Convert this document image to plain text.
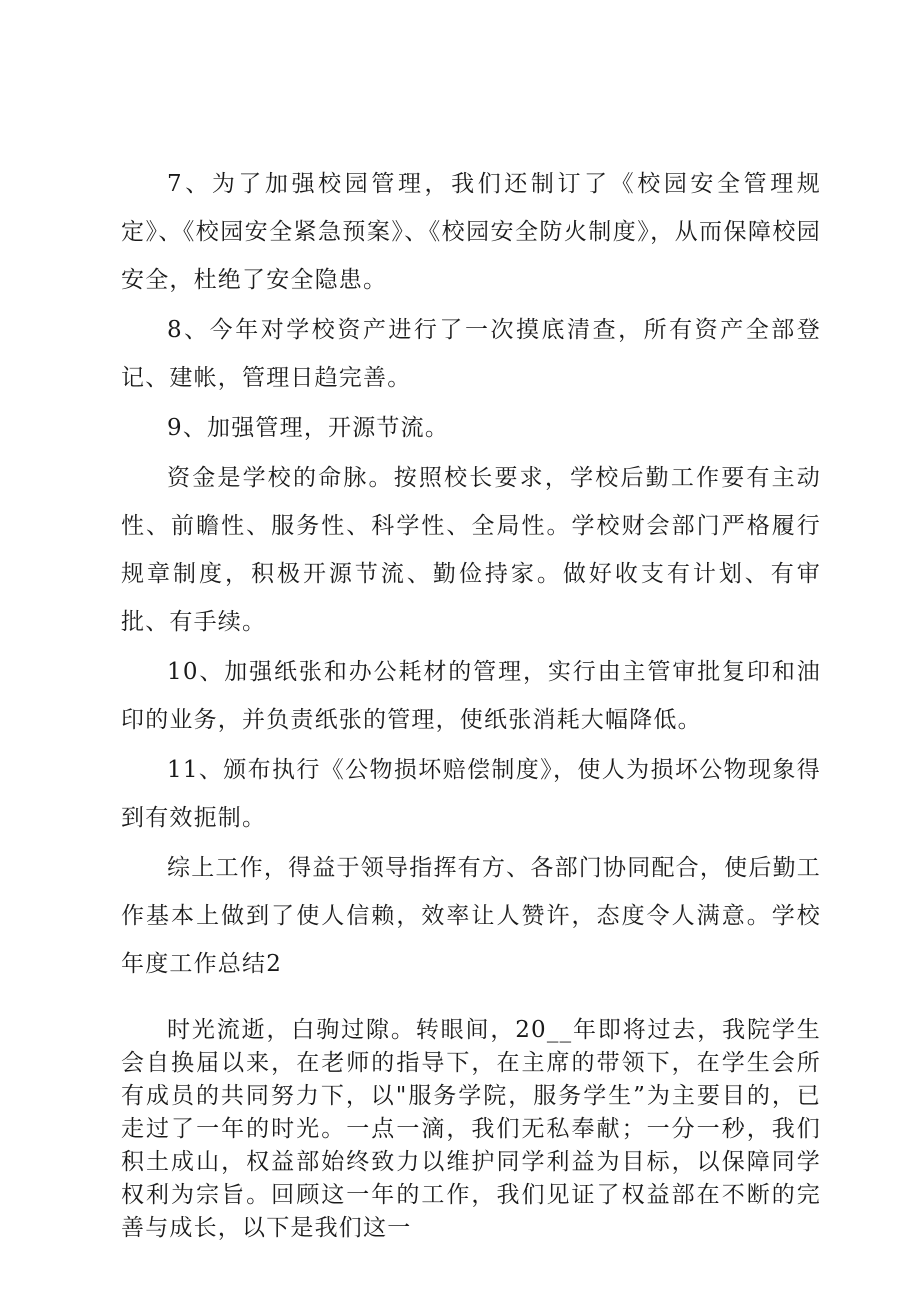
7、为了加强校园管理，我们还制订了《校园安全管理规定》、《校园安全紧急预案》、《校园安全防火制度》，从而保障校园安全，杜绝了安全隐患。

8、今年对学校资产进行了一次摸底清查，所有资产全部登记、建帐，管理日趋完善。

9、加强管理，开源节流。

资金是学校的命脉。按照校长要求，学校后勤工作要有主动性、前瞻性、服务性、科学性、全局性。学校财会部门严格履行规章制度，积极开源节流、勤俭持家。做好收支有计划、有审批、有手续。

10、加强纸张和办公耗材的管理，实行由主管审批复印和油印的业务，并负责纸张的管理，使纸张消耗大幅降低。

11、颁布执行《公物损坏赔偿制度》，使人为损坏公物现象得到有效扼制。

综上工作，得益于领导指挥有方、各部门协同配合，使后勤工作基本上做到了使人信赖，效率让人赞许，态度令人满意。学校年度工作总结2

时光流逝，白驹过隙。转眼间，20__年即将过去，我院学生会自换届以来，在老师的指导下，在主席的带领下，在学生会所有成员的共同努力下，以"服务学院，服务学生”为主要目的，已走过了一年的时光。一点一滴，我们无私奉献；一分一秒，我们积土成山，权益部始终致力以维护同学利益为目标，以保障同学权利为宗旨。回顾这一年的工作，我们见证了权益部在不断的完善与成长，以下是我们这一
